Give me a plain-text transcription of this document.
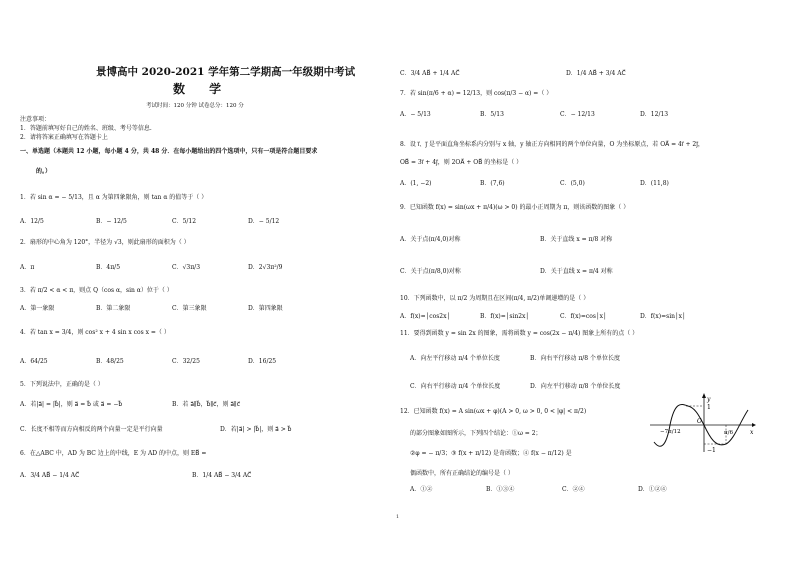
景博高中 2020-2021 学年第二学期高一年级期中考试
数 学
考试时间：120 分钟 试卷总分：120 分
注意事项：
1．答题前填写好自己的姓名、班级、考号等信息.
2．请将答案正确填写在答题卡上
一、单选题（本题共 12 小题，每小题 4 分，共 48 分．在每小题给出的四个选项中，只有一项是符合题目要求
的。）
1．若 sin α = − 5/13，且 α 为第四象限角，则 tan α 的值等于（ ）
A．12/5	B．− 12/5	C．5/12	D．− 5/12
2．扇形的中心角为 120°，半径为 √3，则此扇形的面积为（ ）
A．π	B．4π/5	C．√3π/3	D．2√3π²/9
3．若 π/2 < α < π，则点 Q（cos α，sin α）位于（ ）
A．第一象限	B．第二象限	C．第三象限	D．第四象限
4．若 tan x = 3/4，则 cos² x + 4 sin x cos x =（ ）
A．64/25	B．48/25	C．32/25	D．16/25
5．下列说法中，正确的是（ ）
A．若|a⃗| = |b⃗|，则 a⃗ = b⃗ 或 a⃗ = −b⃗	B．若 a⃗∥b⃗，b⃗∥c⃗，则 a⃗∥c⃗
C．长度不相等而方向相反的两个向量一定是平行向量	D．若|a⃗| > |b⃗|，则 a⃗ > b⃗
6．在△ABC 中，AD 为 BC 边上的中线，E 为 AD 的中点，则 EB⃗ =
A．3/4 AB⃗ − 1/4 AC⃗	B．1/4 AB⃗ − 3/4 AC⃗
C．3/4 AB⃗ + 1/4 AC⃗	D．1/4 AB⃗ + 3/4 AC⃗
7．若 sin(π/6 + α) = 12/13，则 cos(π/3 − α) =（ ）
A．− 5/13	B．5/13	C．− 12/13	D．12/13
8．设 i⃗、j⃗ 是平面直角坐标系内分别与 x 轴，y 轴正方向相同的两个单位向量，O 为坐标原点，若 OA⃗ = 4i⃗ + 2j⃗，
OB⃗ = 3i⃗ + 4j⃗，则 2OA⃗ + OB⃗ 的坐标是（ ）
A．(1, −2)	B．(7,6)	C．(5,0)	D．(11,8)
9．已知函数 f(x) = sin(ωx + π/4)(ω > 0) 的最小正周期为 π，则该函数的图象（ ）
A．关于点(π/4,0)对称	B．关于直线 x = π/8 对称
C．关于点(π/8,0)对称	D．关于直线 x = π/4 对称
10．下列函数中，以 π/2 为周期且在区间(π/4, π/2)单调递增的是（ ）
A．f(x)=│cos2x│	B．f(x)=│sin2x│	C．f(x)=cos│x│	D．f(x)=sin│x│
11．要得到函数 y = sin 2x 的图象，需将函数 y = cos(2x − π/4) 图象上所有的点（ ）
A．向左平行移动 π/4 个单位长度	B．向右平行移动 π/8 个单位长度
C．向右平行移动 π/4 个单位长度	D．向左平行移动 π/8 个单位长度
12．已知函数 f(x) = A sin(ωx + φ)(A > 0, ω > 0, 0 < |φ| < π/2)
的部分图象如图所示，下列四个结论：①ω = 2；
②φ = − π/3；③ f(x + π/12) 是奇函数；④ f(x − π/12) 是
偶函数中，所有正确结论的编号是（ ）
A．①②	B．①③④	C．②④	D．①②④
y
1
x
O
−7π/12	π/6
−1
1
